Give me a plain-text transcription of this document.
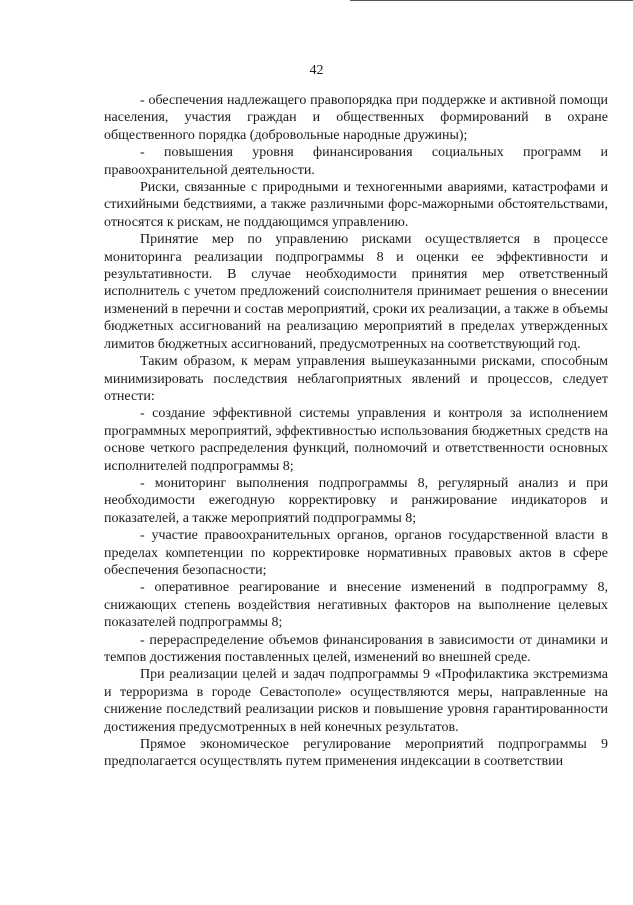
42

- обеспечения надлежащего правопорядка при поддержке и активной помощи населения, участия граждан и общественных формирований в охране общественного порядка (добровольные народные дружины);

- повышения уровня финансирования социальных программ и правоохранительной деятельности.

Риски, связанные с природными и техногенными авариями, катастрофами и стихийными бедствиями, а также различными форс-мажорными обстоятельствами, относятся к рискам, не поддающимся управлению.

Принятие мер по управлению рисками осуществляется в процессе мониторинга реализации подпрограммы 8 и оценки ее эффективности и результативности. В случае необходимости принятия мер ответственный исполнитель с учетом предложений соисполнителя принимает решения о внесении изменений в перечни и состав мероприятий, сроки их реализации, а также в объемы бюджетных ассигнований на реализацию мероприятий в пределах утвержденных лимитов бюджетных ассигнований, предусмотренных на соответствующий год.

Таким образом, к мерам управления вышеуказанными рисками, способным минимизировать последствия неблагоприятных явлений и процессов, следует отнести:

- создание эффективной системы управления и контроля за исполнением программных мероприятий, эффективностью использования бюджетных средств на основе четкого распределения функций, полномочий и ответственности основных исполнителей подпрограммы 8;

- мониторинг выполнения подпрограммы 8, регулярный анализ и при необходимости ежегодную корректировку и ранжирование индикаторов и показателей, а также мероприятий подпрограммы 8;

- участие правоохранительных органов, органов государственной власти в пределах компетенции по корректировке нормативных правовых актов в сфере обеспечения безопасности;

- оперативное реагирование и внесение изменений в подпрограмму 8, снижающих степень воздействия негативных факторов на выполнение целевых показателей подпрограммы 8;

- перераспределение объемов финансирования в зависимости от динамики и темпов достижения поставленных целей, изменений во внешней среде.

При реализации целей и задач подпрограммы 9 «Профилактика экстремизма и терроризма в городе Севастополе» осуществляются меры, направленные на снижение последствий реализации рисков и повышение уровня гарантированности достижения предусмотренных в ней конечных результатов.

Прямое экономическое регулирование мероприятий подпрограммы 9 предполагается осуществлять путем применения индексации в соответствии
